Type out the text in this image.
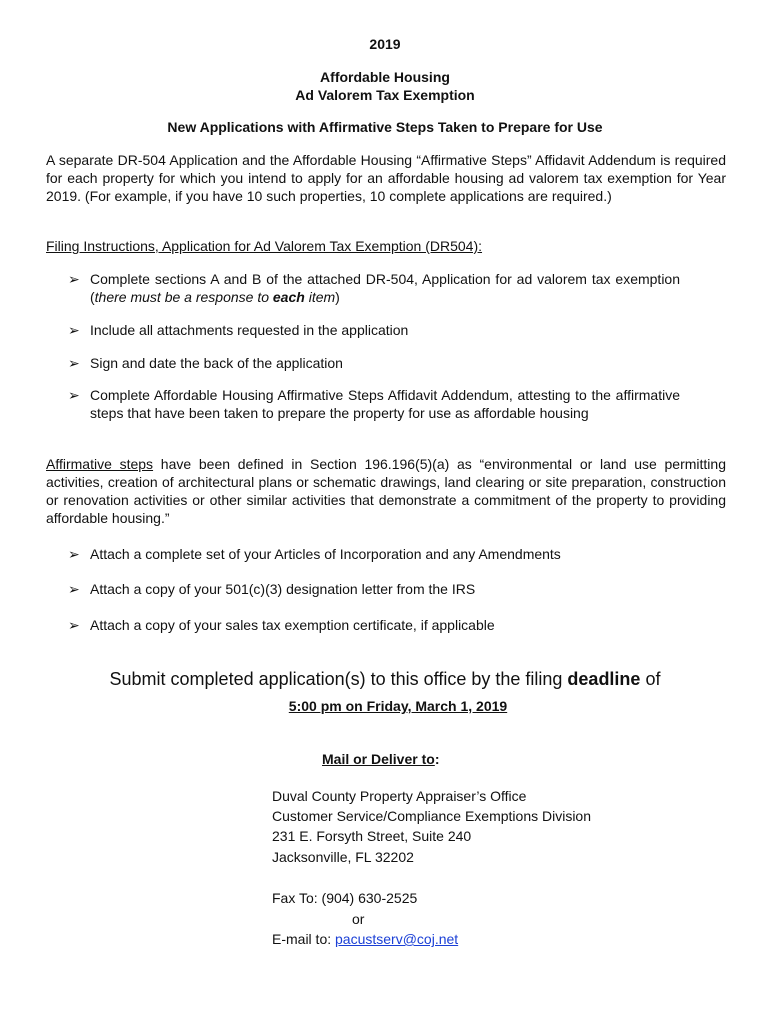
2019
Affordable Housing
Ad Valorem Tax Exemption
New Applications with Affirmative Steps Taken to Prepare for Use
A separate DR-504 Application and the Affordable Housing “Affirmative Steps” Affidavit Addendum is required for each property for which you intend to apply for an affordable housing ad valorem tax exemption for Year 2019. (For example, if you have 10 such properties, 10 complete applications are required.)
Filing Instructions, Application for Ad Valorem Tax Exemption (DR504):
➢ Complete sections A and B of the attached DR-504, Application for ad valorem tax exemption (there must be a response to each item)
➢ Include all attachments requested in the application
➢ Sign and date the back of the application
➢ Complete Affordable Housing Affirmative Steps Affidavit Addendum, attesting to the affirmative steps that have been taken to prepare the property for use as affordable housing
Affirmative steps have been defined in Section 196.196(5)(a) as “environmental or land use permitting activities, creation of architectural plans or schematic drawings, land clearing or site preparation, construction or renovation activities or other similar activities that demonstrate a commitment of the property to providing affordable housing.”
➢ Attach a complete set of your Articles of Incorporation and any Amendments
➢ Attach a copy of your 501(c)(3) designation letter from the IRS
➢ Attach a copy of your sales tax exemption certificate, if applicable
Submit completed application(s) to this office by the filing deadline of
5:00 pm on Friday, March 1, 2019
Mail or Deliver to:
Duval County Property Appraiser’s Office
Customer Service/Compliance Exemptions Division
231 E. Forsyth Street, Suite 240
Jacksonville, FL 32202
Fax To: (904) 630-2525
or
E-mail to: pacustserv@coj.net
